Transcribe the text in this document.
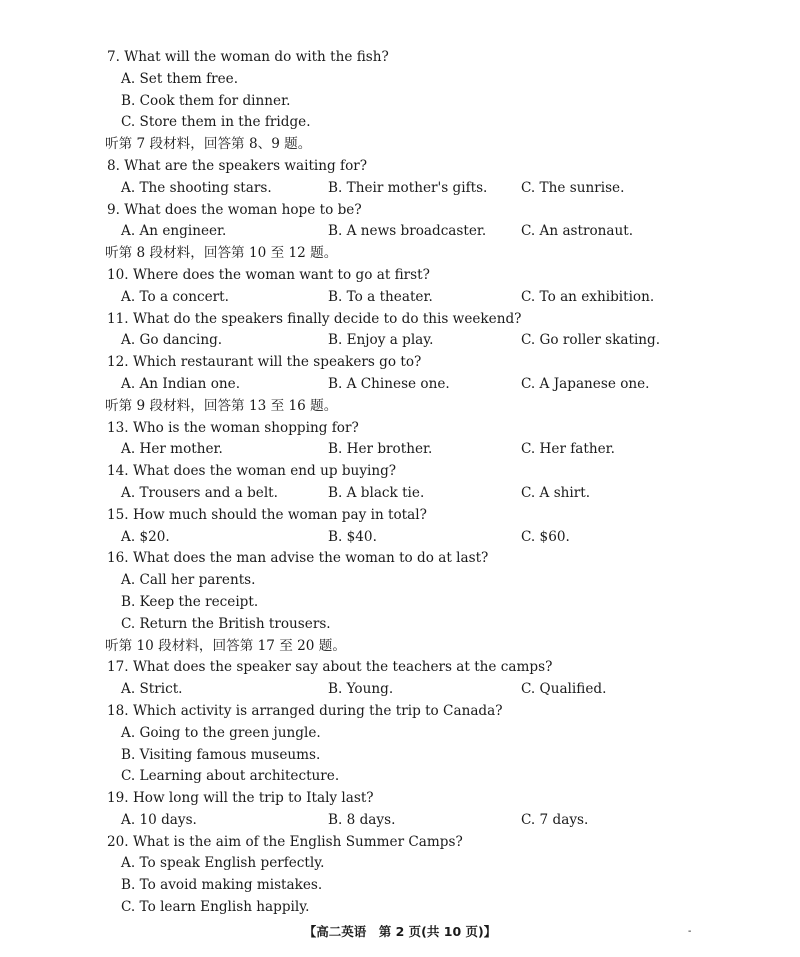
7. What will the woman do with the fish?
A. Set them free.
B. Cook them for dinner.
C. Store them in the fridge.
听第 7 段材料，回答第 8、9 题。
8. What are the speakers waiting for?
A. The shooting stars.	B. Their mother's gifts. C. The sunrise.
9. What does the woman hope to be?
A. An engineer.	B. A news broadcaster.	C. An astronaut.
听第 8 段材料，回答第 10 至 12 题。
10. Where does the woman want to go at first?
A. To a concert.	B. To a theater.	C. To an exhibition.
11. What do the speakers finally decide to do this weekend?
A. Go dancing.	B. Enjoy a play.	C. Go roller skating.
12. Which restaurant will the speakers go to?
A. An Indian one.	B. A Chinese one.	C. A Japanese one.
听第 9 段材料，回答第 13 至 16 题。
13. Who is the woman shopping for?
A. Her mother.	B. Her brother.	C. Her father.
14. What does the woman end up buying?
A. Trousers and a belt.	B. A black tie.	C. A shirt.
15. How much should the woman pay in total?
A. $20.	B. $40.	C. $60.
16. What does the man advise the woman to do at last?
A. Call her parents.
B. Keep the receipt.
C. Return the British trousers.
听第 10 段材料，回答第 17 至 20 题。
17. What does the speaker say about the teachers at the camps?
A. Strict.	B. Young.	C. Qualified.
18. Which activity is arranged during the trip to Canada?
A. Going to the green jungle.
B. Visiting famous museums.
C. Learning about architecture.
19. How long will the trip to Italy last?
A. 10 days.	B. 8 days.	C. 7 days.
20. What is the aim of the English Summer Camps?
A. To speak English perfectly.
B. To avoid making mistakes.
C. To learn English happily.
【高二英语　第 2 页(共 10 页)】	-
